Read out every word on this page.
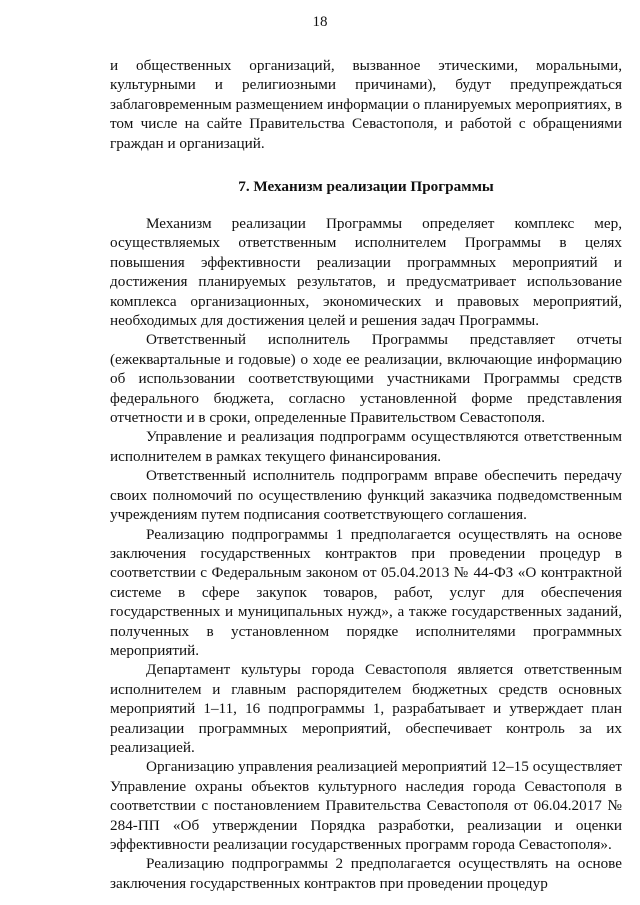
18

и общественных организаций, вызванное этическими, моральными, культурными и религиозными причинами), будут предупреждаться заблаговременным размещением информации о планируемых мероприятиях, в том числе на сайте Правительства Севастополя, и работой с обращениями граждан и организаций.

7. Механизм реализации Программы

Механизм реализации Программы определяет комплекс мер, осуществляемых ответственным исполнителем Программы в целях повышения эффективности реализации программных мероприятий и достижения планируемых результатов, и предусматривает использование комплекса организационных, экономических и правовых мероприятий, необходимых для достижения целей и решения задач Программы.

Ответственный исполнитель Программы представляет отчеты (ежеквартальные и годовые) о ходе ее реализации, включающие информацию об использовании соответствующими участниками Программы средств федерального бюджета, согласно установленной форме представления отчетности и в сроки, определенные Правительством Севастополя.

Управление и реализация подпрограмм осуществляются ответственным исполнителем в рамках текущего финансирования.

Ответственный исполнитель подпрограмм вправе обеспечить передачу своих полномочий по осуществлению функций заказчика подведомственным учреждениям путем подписания соответствующего соглашения.

Реализацию подпрограммы 1 предполагается осуществлять на основе заключения государственных контрактов при проведении процедур в соответствии с Федеральным законом от 05.04.2013 № 44-ФЗ «О контрактной системе в сфере закупок товаров, работ, услуг для обеспечения государственных и муниципальных нужд», а также государственных заданий, полученных в установленном порядке исполнителями программных мероприятий.

Департамент культуры города Севастополя является ответственным исполнителем и главным распорядителем бюджетных средств основных мероприятий 1–11, 16 подпрограммы 1, разрабатывает и утверждает план реализации программных мероприятий, обеспечивает контроль за их реализацией.

Организацию управления реализацией мероприятий 12–15 осуществляет Управление охраны объектов культурного наследия города Севастополя в соответствии с постановлением Правительства Севастополя от 06.04.2017 № 284-ПП «Об утверждении Порядка разработки, реализации и оценки эффективности реализации государственных программ города Севастополя».

Реализацию подпрограммы 2 предполагается осуществлять на основе заключения государственных контрактов при проведении процедур
